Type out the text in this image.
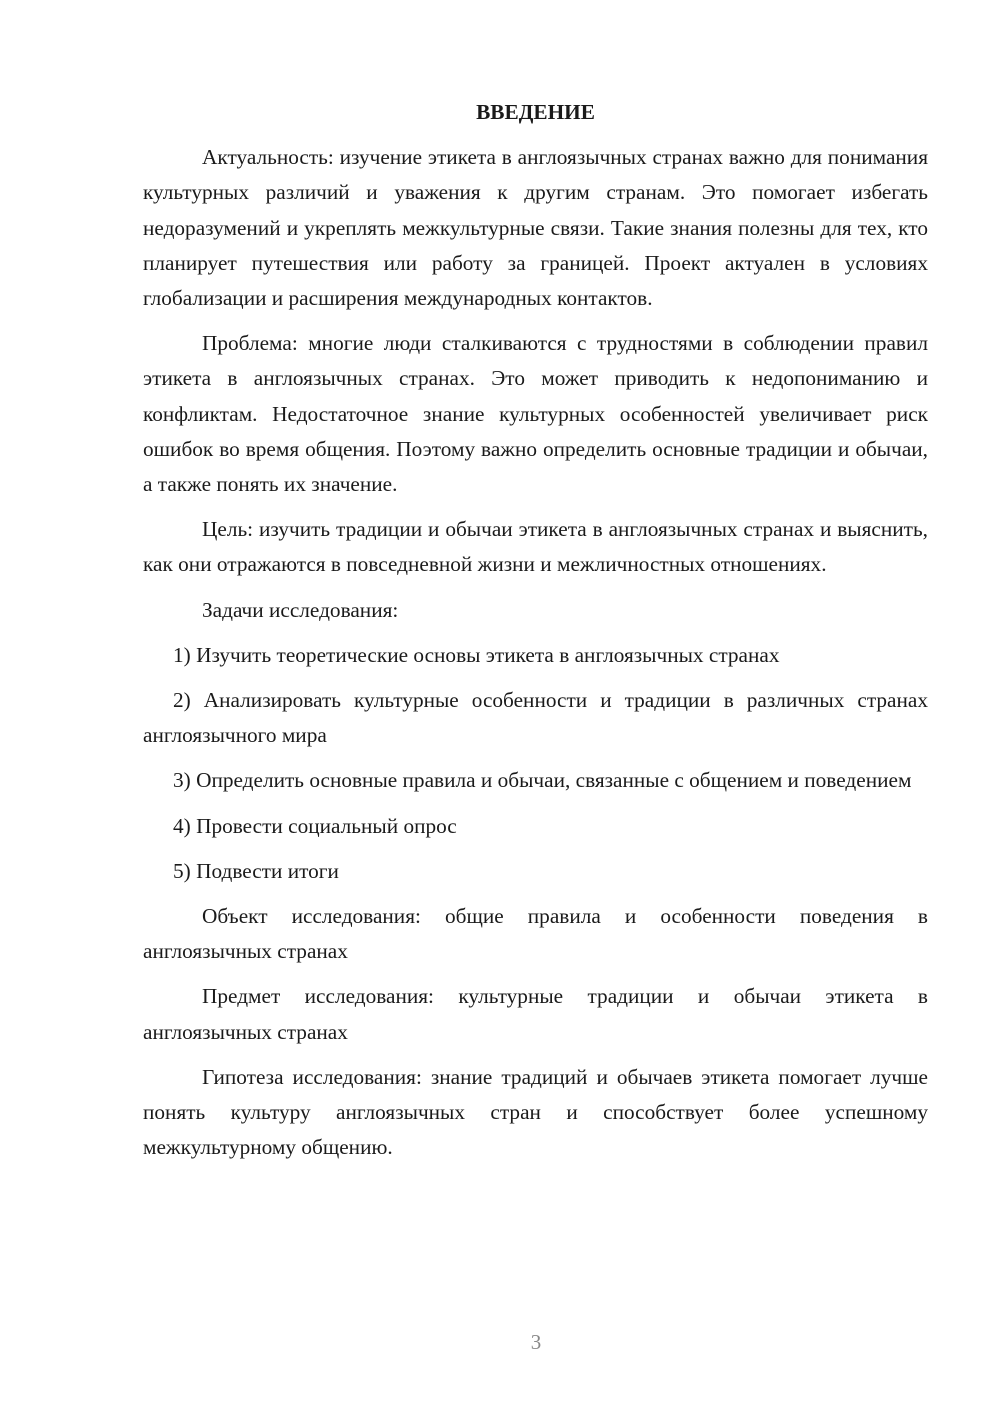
ВВЕДЕНИЕ

Актуальность: изучение этикета в англоязычных странах важно для понимания культурных различий и уважения к другим странам. Это помогает избегать недоразумений и укреплять межкультурные связи. Такие знания полезны для тех, кто планирует путешествия или работу за границей. Проект актуален в условиях глобализации и расширения международных контактов.

Проблема: многие люди сталкиваются с трудностями в соблюдении правил этикета в англоязычных странах. Это может приводить к недопониманию и конфликтам. Недостаточное знание культурных особенностей увеличивает риск ошибок во время общения. Поэтому важно определить основные традиции и обычаи, а также понять их значение.

Цель: изучить традиции и обычаи этикета в англоязычных странах и выяснить, как они отражаются в повседневной жизни и межличностных отношениях.

Задачи исследования:

1) Изучить теоретические основы этикета в англоязычных странах

2) Анализировать культурные особенности и традиции в различных странах англоязычного мира

3) Определить основные правила и обычаи, связанные с общением и поведением

4) Провести социальный опрос

5) Подвести итоги

Объект исследования: общие правила и особенности поведения в англоязычных странах

Предмет исследования: культурные традиции и обычаи этикета в англоязычных странах

Гипотеза исследования: знание традиций и обычаев этикета помогает лучше понять культуру англоязычных стран и способствует более успешному межкультурному общению.

3
